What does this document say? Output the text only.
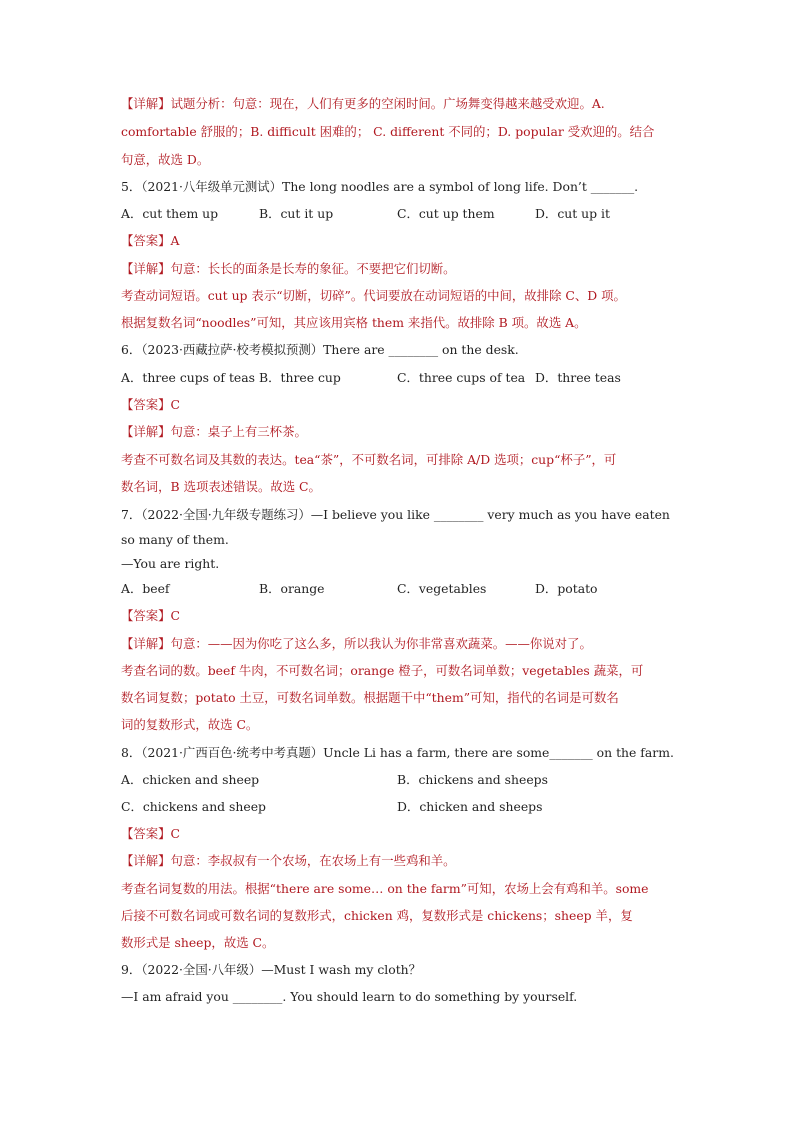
【详解】试题分析：句意：现在，人们有更多的空闲时间。广场舞变得越来越受欢迎。A.
comfortable 舒服的；B. difficult 困难的； C. different 不同的；D. popular 受欢迎的。结合
句意，故选 D。
5．（2021·八年级单元测试）The long noodles are a symbol of long life. Don’t _______.
【答案】A
【详解】句意：长长的面条是长寿的象征。不要把它们切断。
考查动词短语。cut up 表示“切断，切碎”。代词要放在动词短语的中间，故排除 C、D 项。
根据复数名词“noodles”可知，其应该用宾格 them 来指代。故排除 B 项。故选 A。
6．（2023·西藏拉萨·校考模拟预测）There are ________ on the desk.
【答案】C
【详解】句意：桌子上有三杯茶。
考查不可数名词及其数的表达。tea“茶”，不可数名词，可排除 A/D 选项；cup“杯子”，可
数名词，B 选项表述错误。故选 C。
7．（2022·全国·九年级专题练习）—I believe you like ________ very much as you have eaten
so many of them.
—You are right.
【答案】C
【详解】句意：——因为你吃了这么多，所以我认为你非常喜欢蔬菜。——你说对了。
考查名词的数。beef 牛肉，不可数名词；orange 橙子，可数名词单数；vegetables 蔬菜，可
数名词复数；potato 土豆，可数名词单数。根据题干中“them”可知，指代的名词是可数名
词的复数形式，故选 C。
8．（2021·广西百色·统考中考真题）Uncle Li has a farm, there are some_______ on the farm.
【答案】C
【详解】句意：李叔叔有一个农场，在农场上有一些鸡和羊。
考查名词复数的用法。根据“there are some… on the farm”可知，农场上会有鸡和羊。some
后接不可数名词或可数名词的复数形式，chicken 鸡，复数形式是 chickens；sheep 羊，复
数形式是 sheep，故选 C。
9．（2022·全国·八年级）—Must I wash my cloth？
—I am afraid you ________. You should learn to do something by yourself.
A．cut them up	B．cut it up	C．cut up them	D．cut up it
A．three cups of teas B．three cup	C．three cups of tea D．three teas
A．beef	B．orange	C．vegetables	D．potato
A．chicken and sheep	B．chickens and sheeps
C．chickens and sheep	D．chicken and sheeps
